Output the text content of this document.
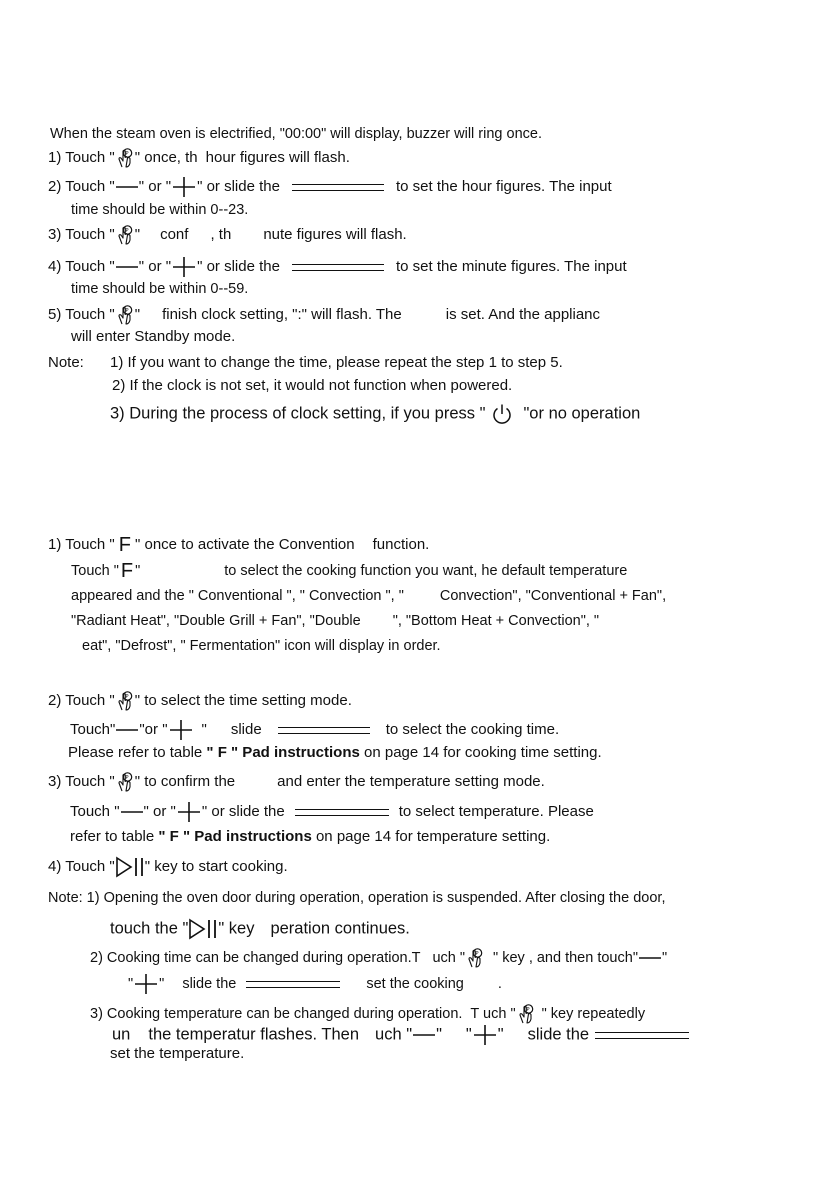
When the steam oven is electrified, "00:00" will display, buzzer will ring once.
1) Touch " " once, th hour figures will flash.
2) Touch " " or " " or slide the	to set the hour figures. The input
time should be within 0--23.
3) Touch " " conf , th nute figures will flash.
4) Touch " " or " " or slide the	to set the minute figures. The input
time should be within 0--59.
5) Touch " " finish clock setting, ":" will flash. The	is set. And the applianc
will enter Standby mode.
Note: 1) If you want to change the time, please repeat the step 1 to step 5.
2) If the clock is not set, it would not function when powered.
3) During the process of clock setting, if you press " "or no operation
1) Touch " F " once to activate the Convention function.
Touch " F "	to select the cooking function you want, he default temperature
appeared and the " Conventional ", " Convection ", " Convection", "Conventional + Fan",
"Radiant Heat", "Double Grill + Fan", "Double ", "Bottom Heat + Convection", "
eat", "Defrost", " Fermentation" icon will display in order.
2) Touch " " to select the time setting mode.
Touch" "or " " slide	to select the cooking time.
Please refer to table " F " Pad instructions on page 14 for cooking time setting.
3) Touch " " to confirm the	and enter the temperature setting mode.
Touch " " or " " or slide the	to select temperature. Please
refer to table " F " Pad instructions on page 14 for temperature setting.
4) Touch " " key to start cooking.
Note: 1) Opening the oven door during operation, operation is suspended. After closing the door,
touch the " " key peration continues.
2) Cooking time can be changed during operation.T uch " " key , and then touch" "
" " slide the	set the cooking .
3) Cooking temperature can be changed during operation. T uch " " key repeatedly
un the temperatur flashes. Then uch " " " " slide the
set the temperature.
